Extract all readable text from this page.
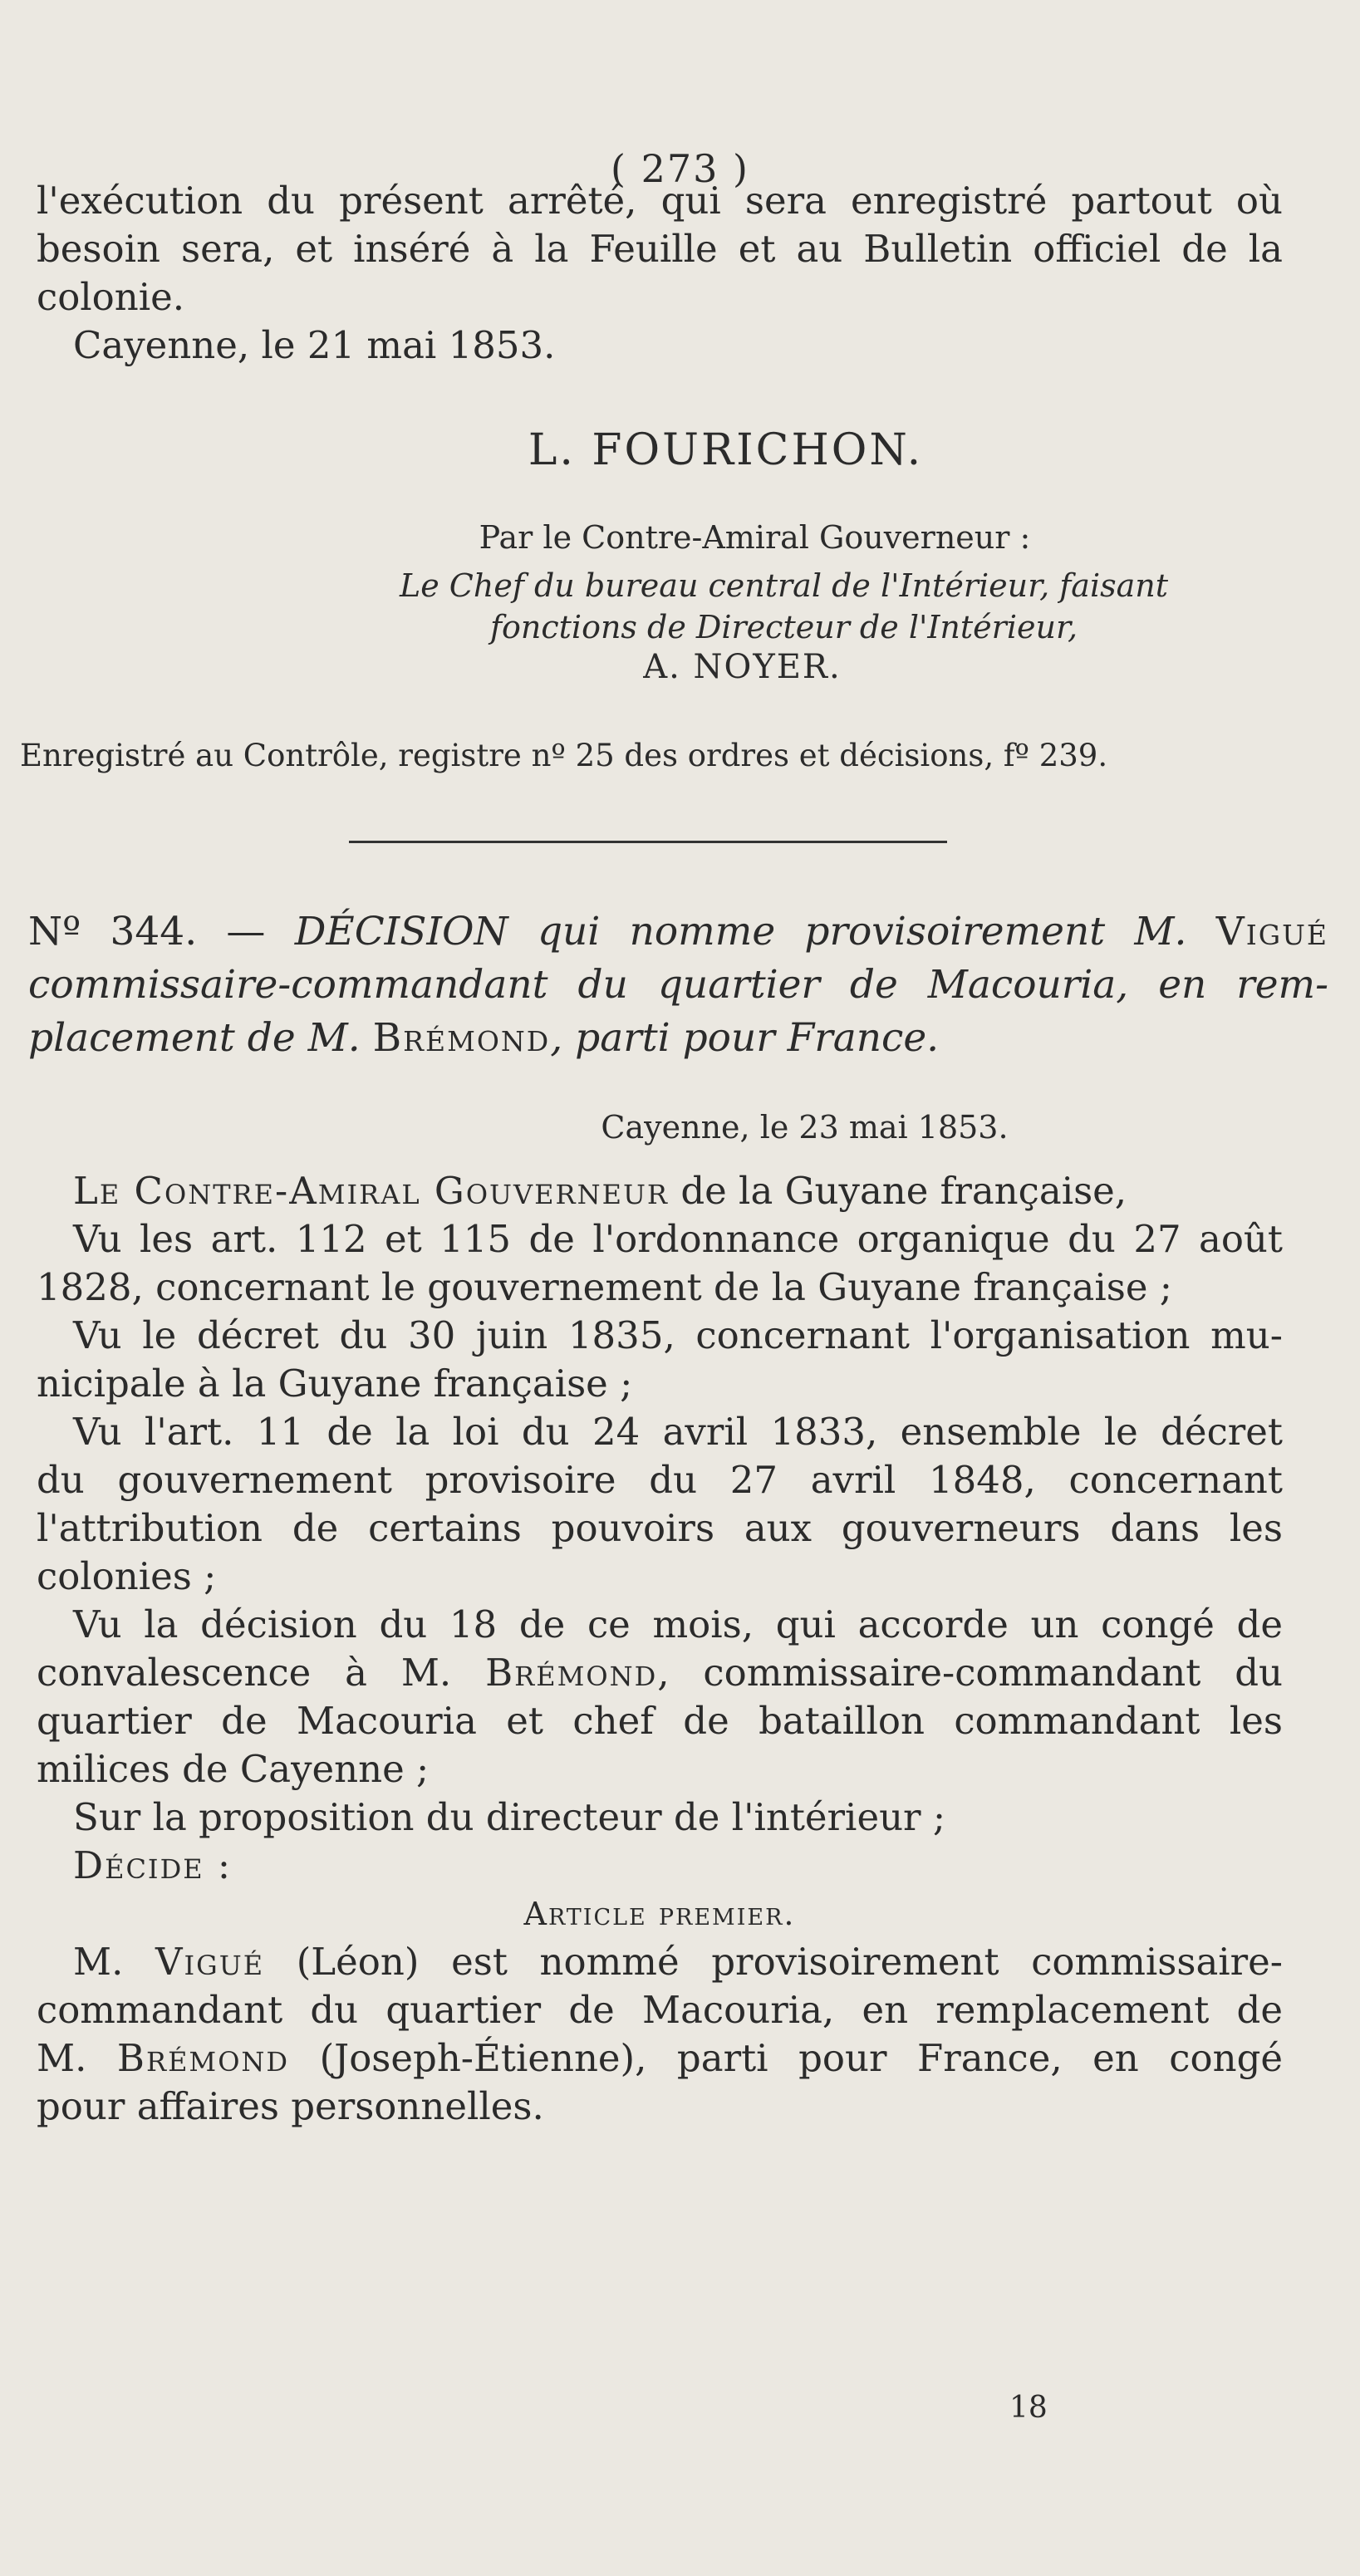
( 273 )
l'exécution du présent arrêté, qui sera enregistré partout où
besoin sera, et inséré à la Feuille et au Bulletin officiel de la
colonie.
Cayenne, le 21 mai 1853.
L. FOURICHON.
Par le Contre-Amiral Gouverneur :
Le Chef du bureau central de l'Intérieur, faisant
fonctions de Directeur de l'Intérieur,
A. NOYER.
Enregistré au Contrôle, registre nº 25 des ordres et décisions, fº 239.
Nº 344. — DÉCISION qui nomme provisoirement M. Vigué
commissaire-commandant du quartier de Macouria, en rem-
placement de M. Brémond, parti pour France.
Cayenne, le 23 mai 1853.
Le Contre-Amiral Gouverneur de la Guyane française,
Vu les art. 112 et 115 de l'ordonnance organique du 27 août
1828, concernant le gouvernement de la Guyane française ;
Vu le décret du 30 juin 1835, concernant l'organisation mu-
nicipale à la Guyane française ;
Vu l'art. 11 de la loi du 24 avril 1833, ensemble le décret
du gouvernement provisoire du 27 avril 1848, concernant
l'attribution de certains pouvoirs aux gouverneurs dans les
colonies ;
Vu la décision du 18 de ce mois, qui accorde un congé de
convalescence à M. Brémond, commissaire-commandant du
quartier de Macouria et chef de bataillon commandant les
milices de Cayenne ;
Sur la proposition du directeur de l'intérieur ;
Décide :
Article premier.
M. Vigué (Léon) est nommé provisoirement commissaire-
commandant du quartier de Macouria, en remplacement de
M. Brémond (Joseph-Étienne), parti pour France, en congé
pour affaires personnelles.
18
